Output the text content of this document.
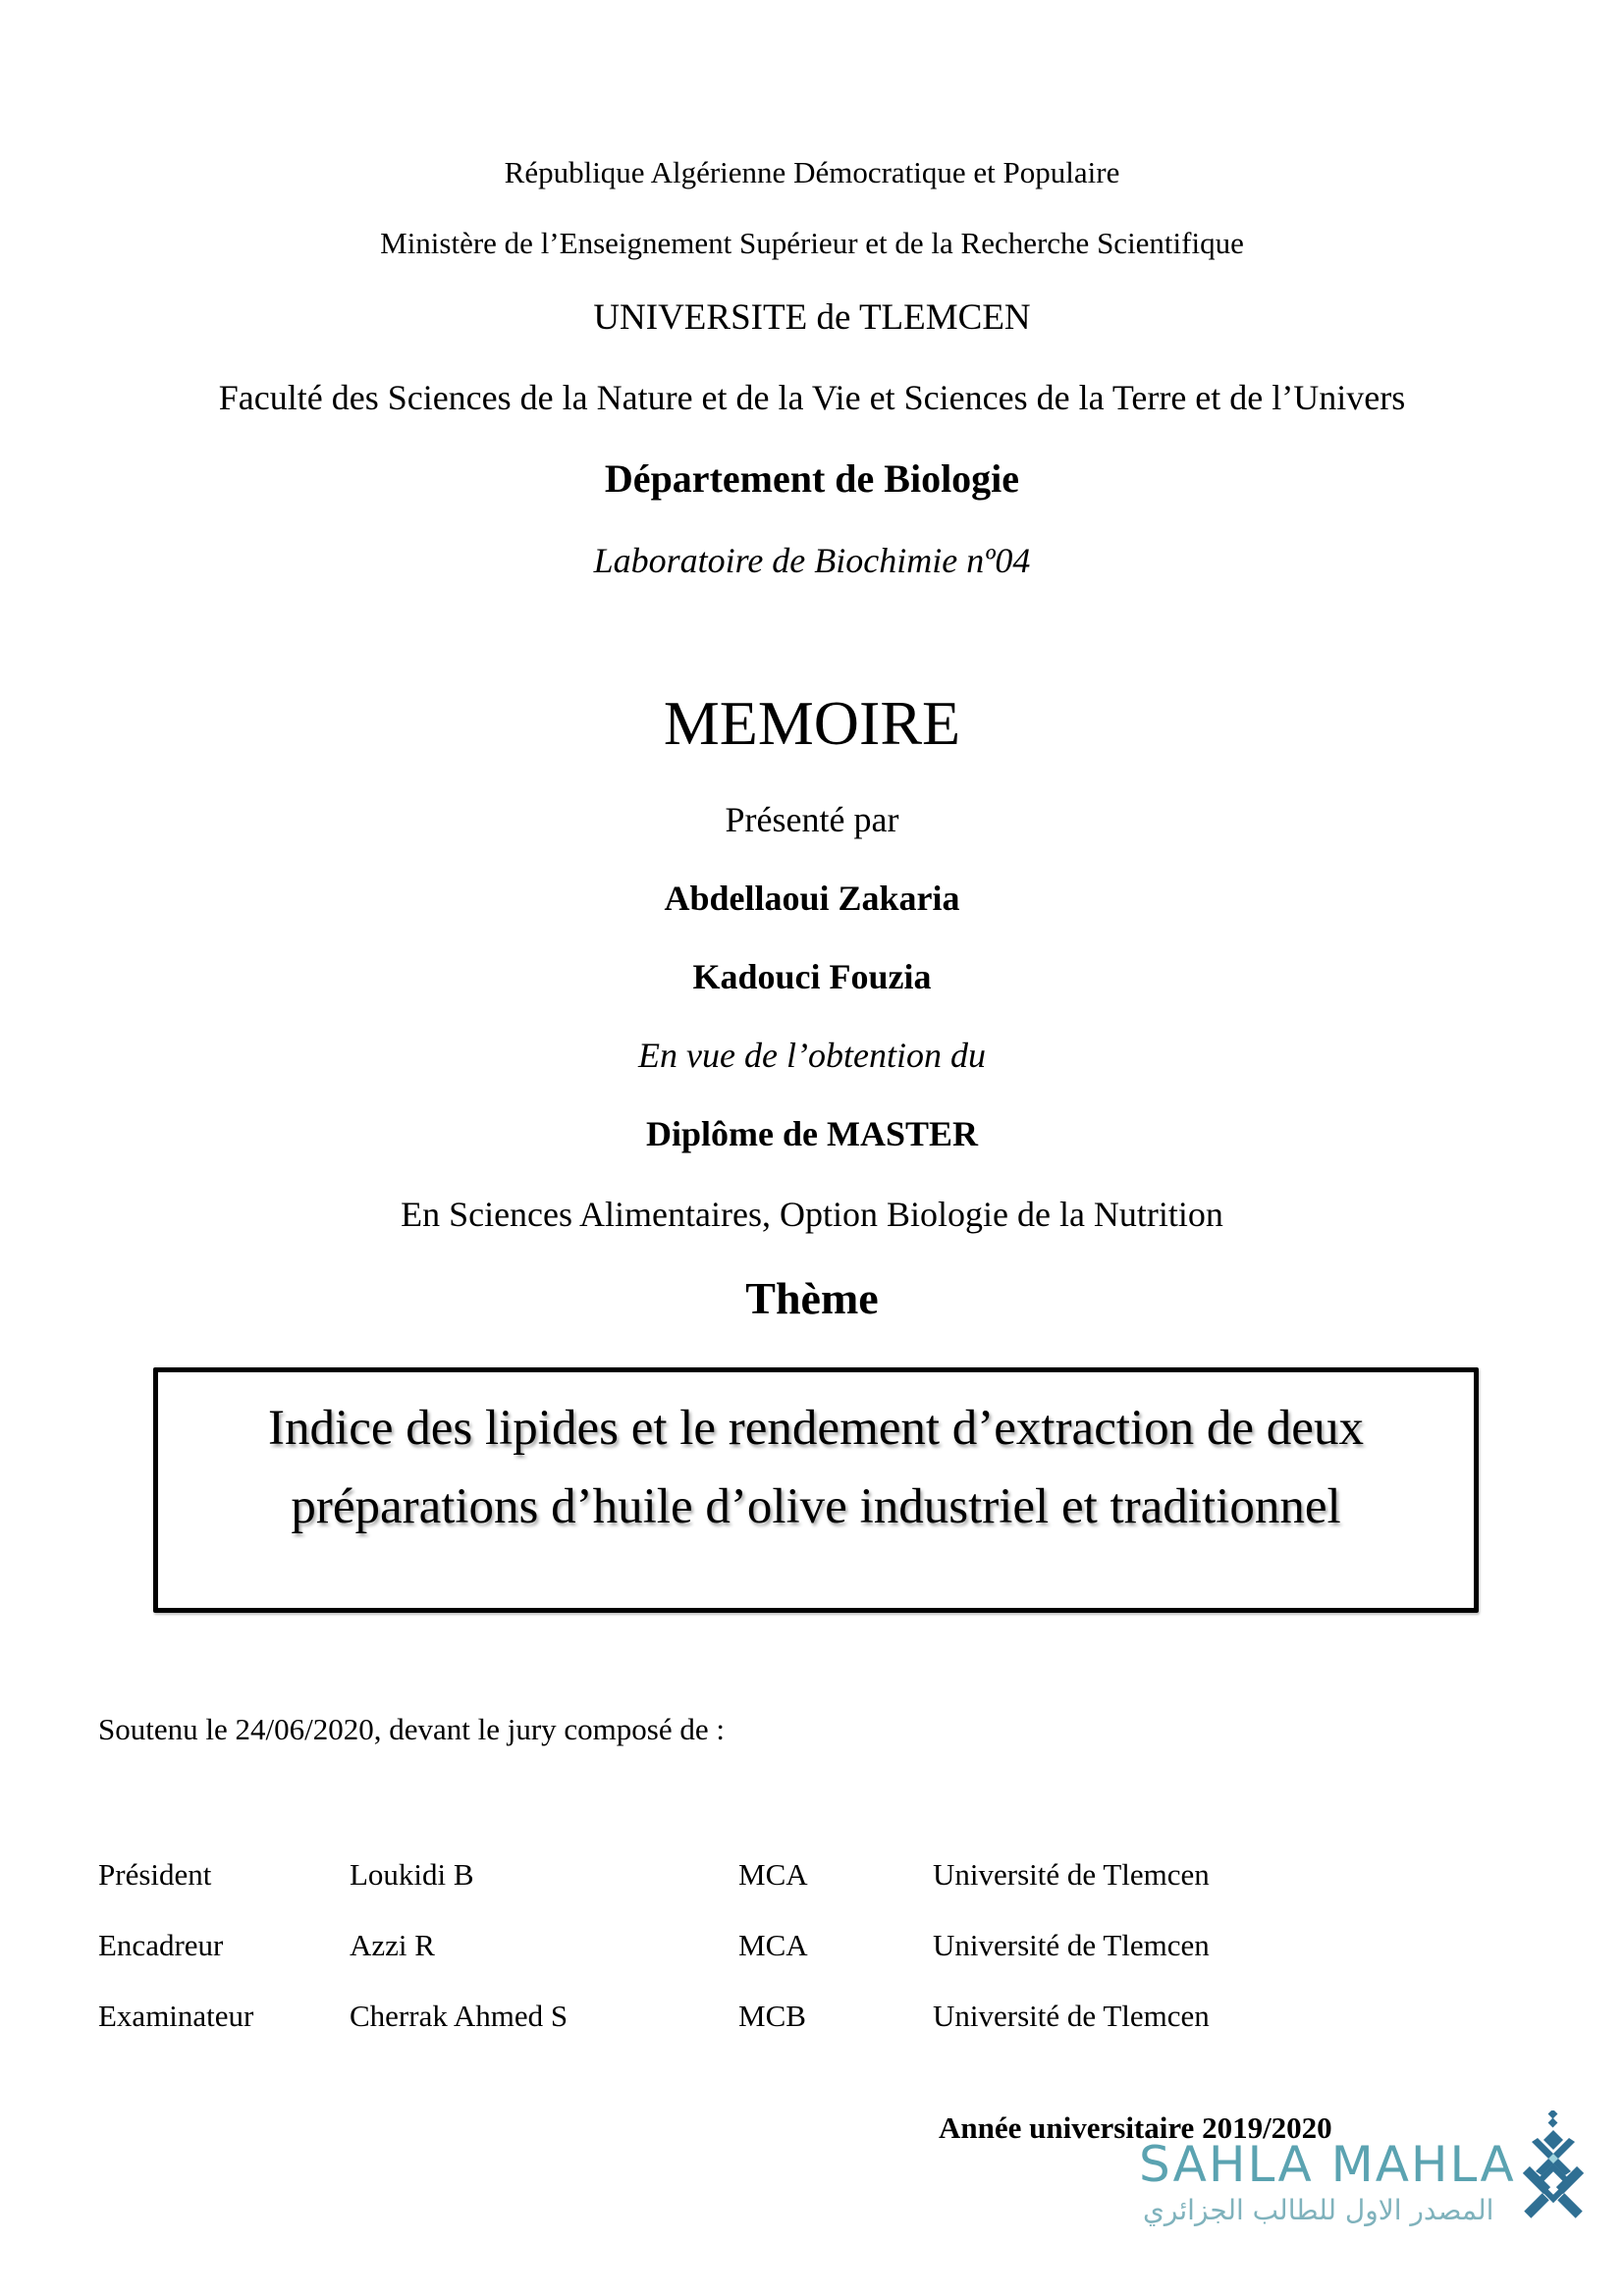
République Algérienne Démocratique et Populaire
Ministère de l’Enseignement Supérieur et de la Recherche Scientifique
UNIVERSITE de TLEMCEN
Faculté des Sciences de la Nature et de la Vie et Sciences de la Terre et de l’Univers
Département de Biologie
Laboratoire de Biochimie nº04
MEMOIRE
Présenté par
Abdellaoui Zakaria
Kadouci Fouzia
En vue de l’obtention du
Diplôme de MASTER
En Sciences Alimentaires, Option Biologie de la Nutrition
Thème
Indice des lipides et le rendement d’extraction de deux
préparations d’huile d’olive industriel et traditionnel
Soutenu le 24/06/2020, devant le jury composé de :
Président	Loukidi B	MCA	Université de Tlemcen
Encadreur	Azzi R	MCA	Université de Tlemcen
Examinateur	Cherrak Ahmed S	MCB	Université de Tlemcen
Année universitaire 2019/2020
SAHLA MAHLA
المصدر الاول للطالب الجزائري
